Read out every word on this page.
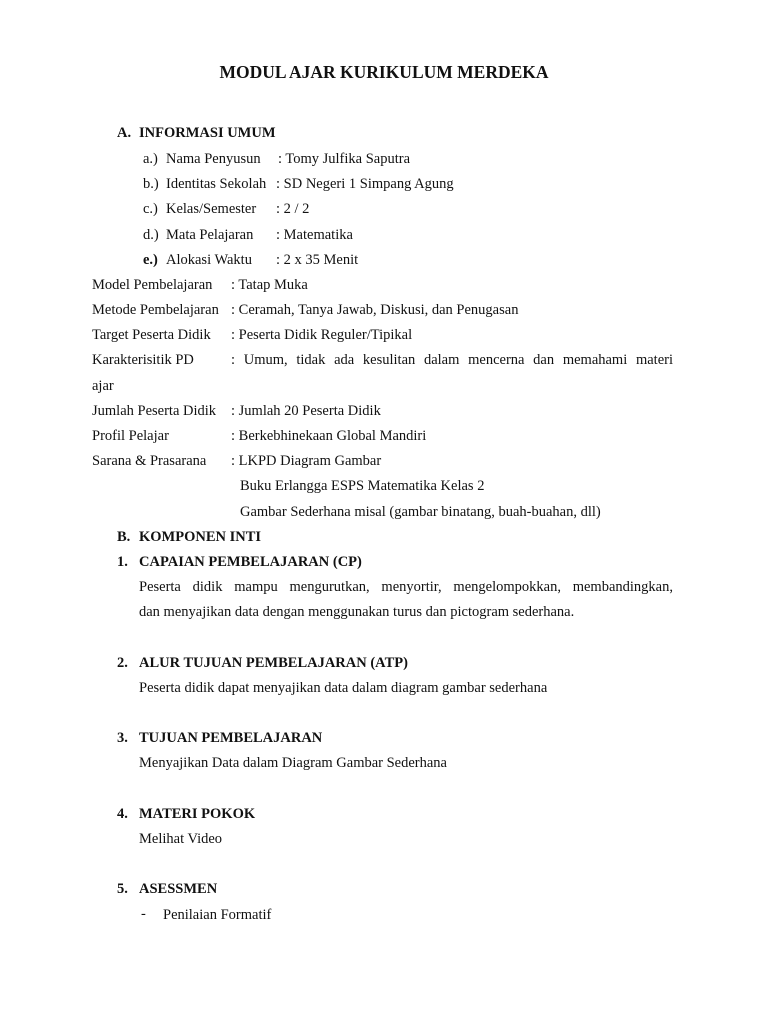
MODUL AJAR KURIKULUM MERDEKA
A. INFORMASI UMUM
a.) Nama Penyusun : Tomy Julfika Saputra
b.) Identitas Sekolah : SD Negeri 1 Simpang Agung
c.) Kelas/Semester : 2 / 2
d.) Mata Pelajaran : Matematika
e.) Alokasi Waktu : 2 x 35 Menit
Model Pembelajaran : Tatap Muka
Metode Pembelajaran : Ceramah, Tanya Jawab, Diskusi, dan Penugasan
Target Peserta Didik : Peserta Didik Reguler/Tipikal
Karakterisitik PD	: Umum, tidak ada kesulitan dalam mencerna dan memahami materi
ajar
Jumlah Peserta Didik : Jumlah 20 Peserta Didik
Profil Pelajar	: Berkebhinekaan Global Mandiri
Sarana & Prasarana : LKPD Diagram Gambar
Buku Erlangga ESPS Matematika Kelas 2
Gambar Sederhana misal (gambar binatang, buah-buahan, dll)
B. KOMPONEN INTI
1. CAPAIAN PEMBELAJARAN (CP)
Peserta didik mampu mengurutkan, menyortir, mengelompokkan, membandingkan,
dan menyajikan data dengan menggunakan turus dan pictogram sederhana.
2. ALUR TUJUAN PEMBELAJARAN (ATP)
Peserta didik dapat menyajikan data dalam diagram gambar sederhana
3. TUJUAN PEMBELAJARAN
Menyajikan Data dalam Diagram Gambar Sederhana
4. MATERI POKOK
Melihat Video
5. ASESSMEN
- Penilaian Formatif
